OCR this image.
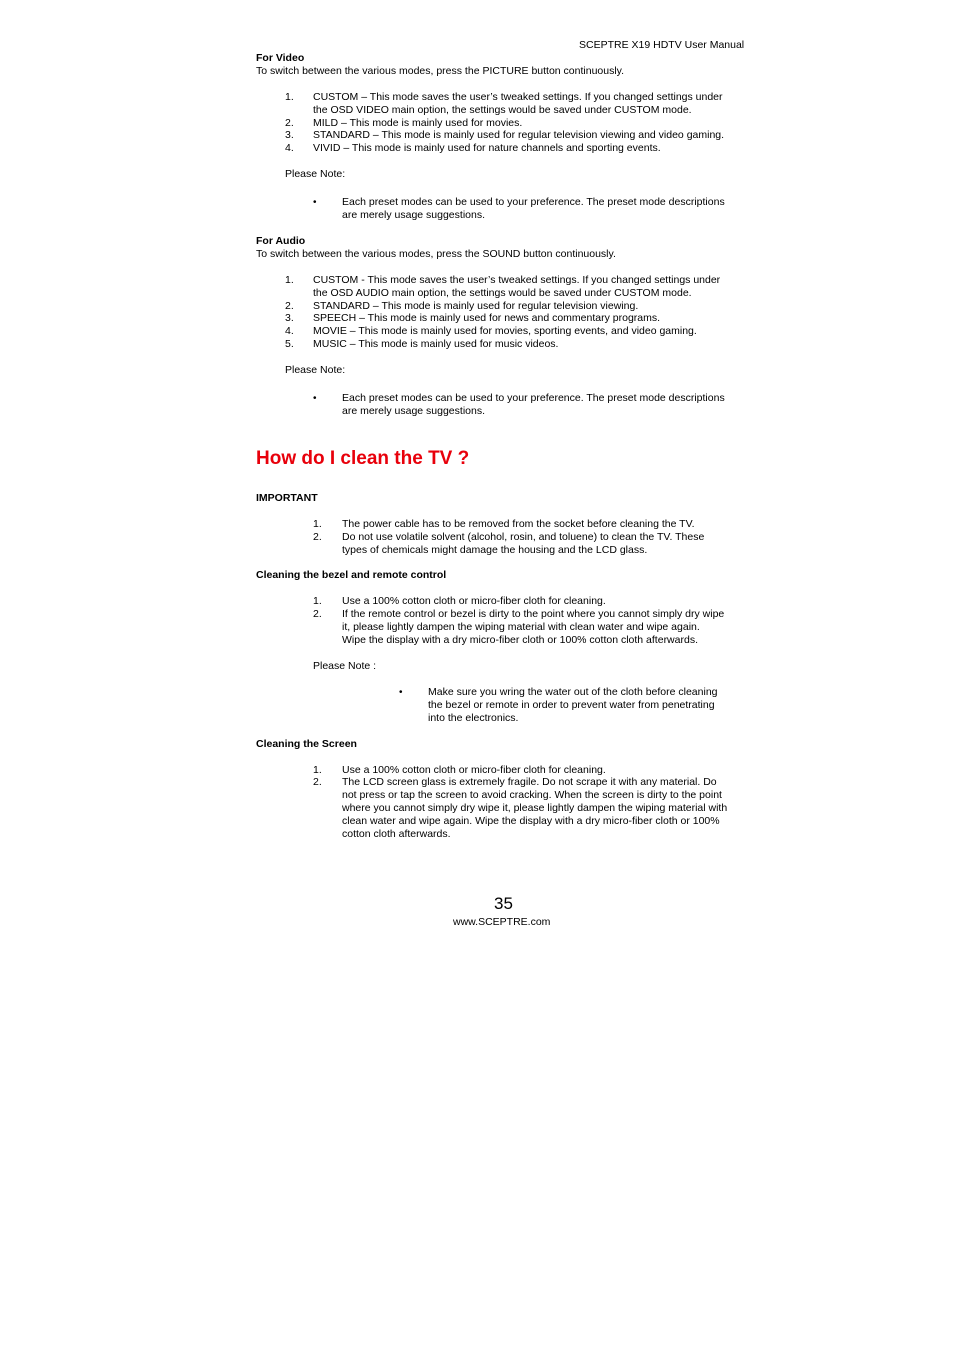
SCEPTRE X19 HDTV User Manual
For Video
To switch between the various modes, press the PICTURE button continuously.
1. CUSTOM – This mode saves the user’s tweaked settings. If you changed settings under
the OSD VIDEO main option, the settings would be saved under CUSTOM mode.
2. MILD – This mode is mainly used for movies.
3. STANDARD – This mode is mainly used for regular television viewing and video gaming.
4. VIVID – This mode is mainly used for nature channels and sporting events.
Please Note:
• Each preset modes can be used to your preference. The preset mode descriptions
are merely usage suggestions.
For Audio
To switch between the various modes, press the SOUND button continuously.
1. CUSTOM - This mode saves the user’s tweaked settings. If you changed settings under
the OSD AUDIO main option, the settings would be saved under CUSTOM mode.
2. STANDARD – This mode is mainly used for regular television viewing.
3. SPEECH – This mode is mainly used for news and commentary programs.
4. MOVIE – This mode is mainly used for movies, sporting events, and video gaming.
5. MUSIC – This mode is mainly used for music videos.
Please Note:
• Each preset modes can be used to your preference. The preset mode descriptions
are merely usage suggestions.
How do I clean the TV ?
IMPORTANT
1. The power cable has to be removed from the socket before cleaning the TV.
2. Do not use volatile solvent (alcohol, rosin, and toluene) to clean the TV. These
types of chemicals might damage the housing and the LCD glass.
Cleaning the bezel and remote control
1. Use a 100% cotton cloth or micro-fiber cloth for cleaning.
2. If the remote control or bezel is dirty to the point where you cannot simply dry wipe
it, please lightly dampen the wiping material with clean water and wipe again.
Wipe the display with a dry micro-fiber cloth or 100% cotton cloth afterwards.
Please Note :
• Make sure you wring the water out of the cloth before cleaning
the bezel or remote in order to prevent water from penetrating
into the electronics.
Cleaning the Screen
1. Use a 100% cotton cloth or micro-fiber cloth for cleaning.
2. The LCD screen glass is extremely fragile. Do not scrape it with any material. Do
not press or tap the screen to avoid cracking. When the screen is dirty to the point
where you cannot simply dry wipe it, please lightly dampen the wiping material with
clean water and wipe again. Wipe the display with a dry micro-fiber cloth or 100%
cotton cloth afterwards.
35
www.SCEPTRE.com
